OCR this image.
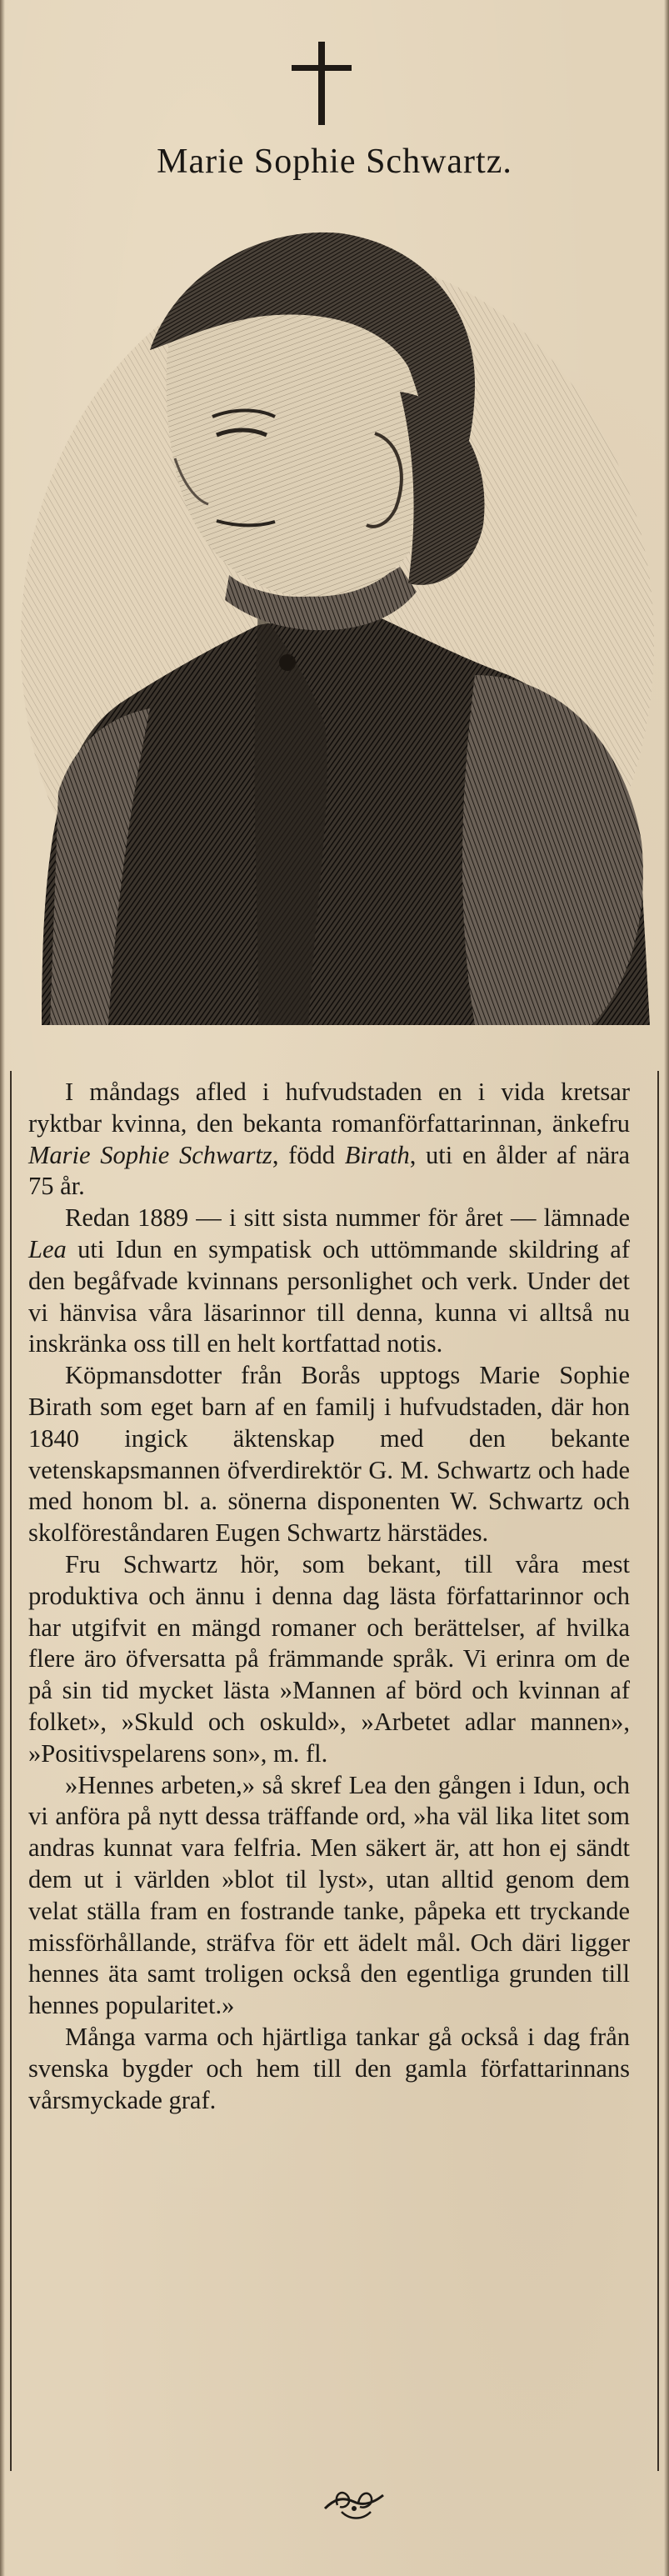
Marie Sophie Schwartz.

I måndags afled i hufvudstaden en i vida kretsar ryktbar kvinna, den bekanta romanförfattarinnan, änkefru Marie Sophie Schwartz, född Birath, uti en ålder af nära 75 år.

Redan 1889 — i sitt sista nummer för året — lämnade Lea uti Idun en sympatisk och uttömmande skildring af den begåfvade kvinnans personlighet och verk. Under det vi hänvisa våra läsarinnor till denna, kunna vi alltså nu inskränka oss till en helt kortfattad notis.

Köpmansdotter från Borås upptogs Marie Sophie Birath som eget barn af en familj i hufvudstaden, där hon 1840 ingick äktenskap med den bekante vetenskapsmannen öfverdirektör G. M. Schwartz och hade med honom bl. a. sönerna disponenten W. Schwartz och skolföreståndaren Eugen Schwartz härstädes.

Fru Schwartz hör, som bekant, till våra mest produktiva och ännu i denna dag lästa författarinnor och har utgifvit en mängd romaner och berättelser, af hvilka flere äro öfversatta på främmande språk. Vi erinra om de på sin tid mycket lästa »Mannen af börd och kvinnan af folket», »Skuld och oskuld», »Arbetet adlar mannen», »Positivspelarens son», m. fl.

»Hennes arbeten,» så skref Lea den gången i Idun, och vi anföra på nytt dessa träffande ord, »ha väl lika litet som andras kunnat vara felfria. Men säkert är, att hon ej sändt dem ut i världen »blot til lyst», utan alltid genom dem velat ställa fram en fostrande tanke, påpeka ett tryckande missförhållande, sträfva för ett ädelt mål. Och däri ligger hennes äta samt troligen också den egentliga grunden till hennes popularitet.»

Många varma och hjärtliga tankar gå också i dag från svenska bygder och hem till den gamla författarinnans vårsmyckade graf.
